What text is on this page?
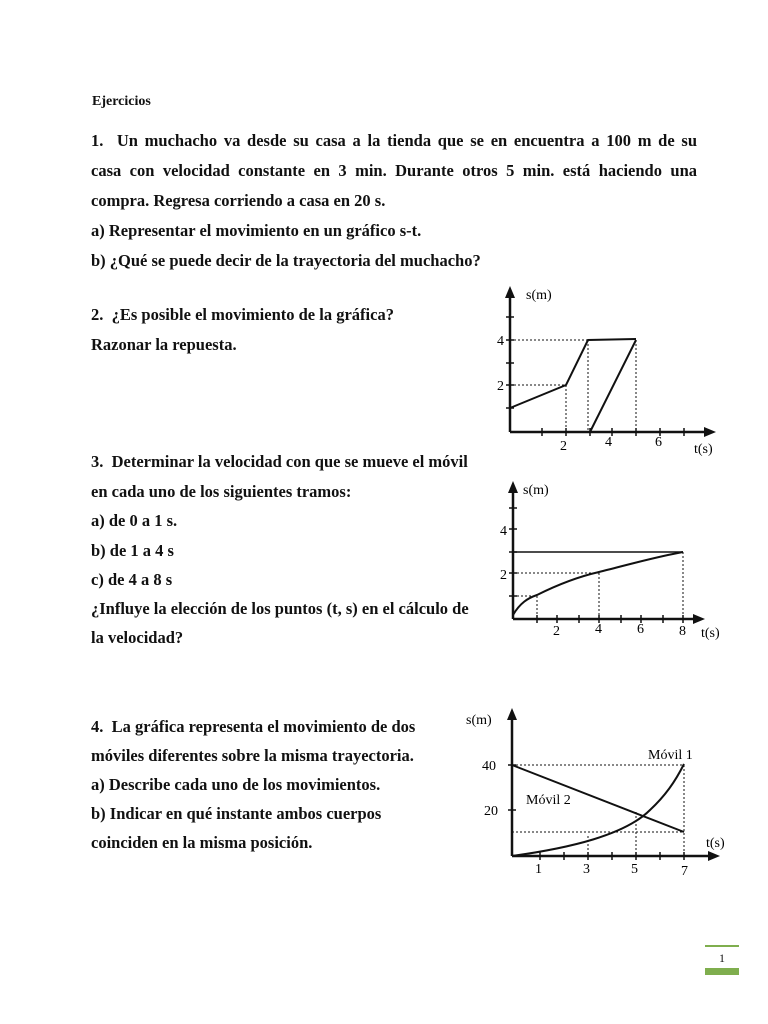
Ejercicios
1. Un muchacho va desde su casa a la tienda que se en encuentra a 100 m de su
casa con velocidad constante en 3 min. Durante otros 5 min. está haciendo una
compra. Regresa corriendo a casa en 20 s.
a) Representar el movimiento en un gráfico s-t.
b) ¿Qué se puede decir de la trayectoria del muchacho?
2. ¿Es posible el movimiento de la gráfica?
Razonar la repuesta.
s(m)
t(s)
2
4
2	4	6
3. Determinar la velocidad con que se mueve el móvil
en cada uno de los siguientes tramos:
a) de 0 a 1 s.
b) de 1 a 4 s
c) de 4 a 8 s
¿Influye la elección de los puntos (t, s) en el cálculo de
la velocidad?
s(m)
t(s)
2
4
2	4	6	8
4. La gráfica representa el movimiento de dos
móviles diferentes sobre la misma trayectoria.
a) Describe cada uno de los movimientos.
b) Indicar en qué instante ambos cuerpos
coinciden en la misma posición.
s(m)
t(s)
40
20
1	3	5	7
Móvil 1
Móvil 2
1
